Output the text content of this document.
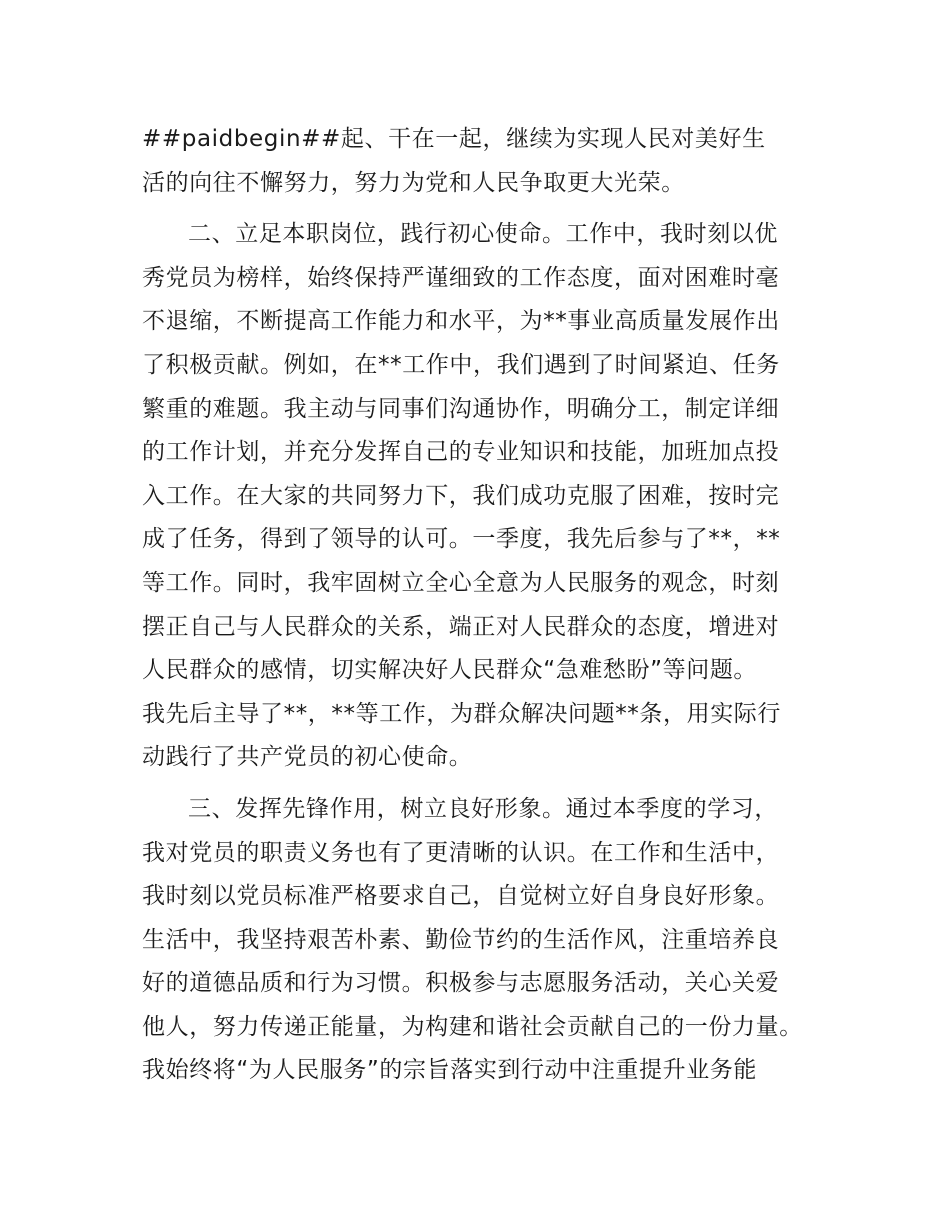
##paidbegin##起、干在一起，继续为实现人民对美好生
活的向往不懈努力，努力为党和人民争取更大光荣。
二、立足本职岗位，践行初心使命。工作中，我时刻以优
秀党员为榜样，始终保持严谨细致的工作态度，面对困难时毫
不退缩，不断提高工作能力和水平，为**事业高质量发展作出
了积极贡献。例如，在**工作中，我们遇到了时间紧迫、任务
繁重的难题。我主动与同事们沟通协作，明确分工，制定详细
的工作计划，并充分发挥自己的专业知识和技能，加班加点投
入工作。在大家的共同努力下，我们成功克服了困难，按时完
成了任务，得到了领导的认可。一季度，我先后参与了**，**
等工作。同时，我牢固树立全心全意为人民服务的观念，时刻
摆正自己与人民群众的关系，端正对人民群众的态度，增进对
人民群众的感情，切实解决好人民群众“急难愁盼”等问题。
我先后主导了**，**等工作，为群众解决问题**条，用实际行
动践行了共产党员的初心使命。
三、发挥先锋作用，树立良好形象。通过本季度的学习，
我对党员的职责义务也有了更清晰的认识。在工作和生活中，
我时刻以党员标准严格要求自己，自觉树立好自身良好形象。
生活中，我坚持艰苦朴素、勤俭节约的生活作风，注重培养良
好的道德品质和行为习惯。积极参与志愿服务活动，关心关爱
他人，努力传递正能量，为构建和谐社会贡献自己的一份力量。
我始终将“为人民服务”的宗旨落实到行动中注重提升业务能
